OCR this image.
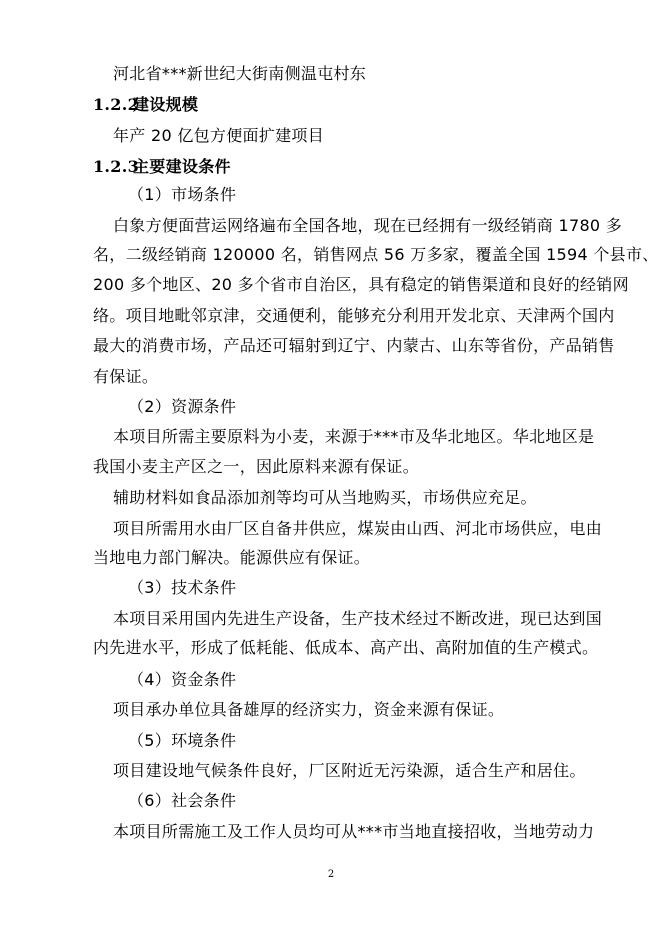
河北省***新世纪大街南侧温屯村东
1.2.2建设规模
年产 20 亿包方便面扩建项目
1.2.3主要建设条件
（1）市场条件
白象方便面营运网络遍布全国各地，现在已经拥有一级经销商 1780 多
名，二级经销商 120000 名，销售网点 56 万多家，覆盖全国 1594 个县市、
200 多个地区、20 多个省市自治区，具有稳定的销售渠道和良好的经销网
络。项目地毗邻京津，交通便利，能够充分利用开发北京、天津两个国内
最大的消费市场，产品还可辐射到辽宁、内蒙古、山东等省份，产品销售
有保证。
（2）资源条件
本项目所需主要原料为小麦，来源于***市及华北地区。华北地区是
我国小麦主产区之一，因此原料来源有保证。
辅助材料如食品添加剂等均可从当地购买，市场供应充足。
项目所需用水由厂区自备井供应，煤炭由山西、河北市场供应，电由
当地电力部门解决。能源供应有保证。
（3）技术条件
本项目采用国内先进生产设备，生产技术经过不断改进，现已达到国
内先进水平，形成了低耗能、低成本、高产出、高附加值的生产模式。
（4）资金条件
项目承办单位具备雄厚的经济实力，资金来源有保证。
（5）环境条件
项目建设地气候条件良好，厂区附近无污染源，适合生产和居住。
（6）社会条件
本项目所需施工及工作人员均可从***市当地直接招收，当地劳动力
2
